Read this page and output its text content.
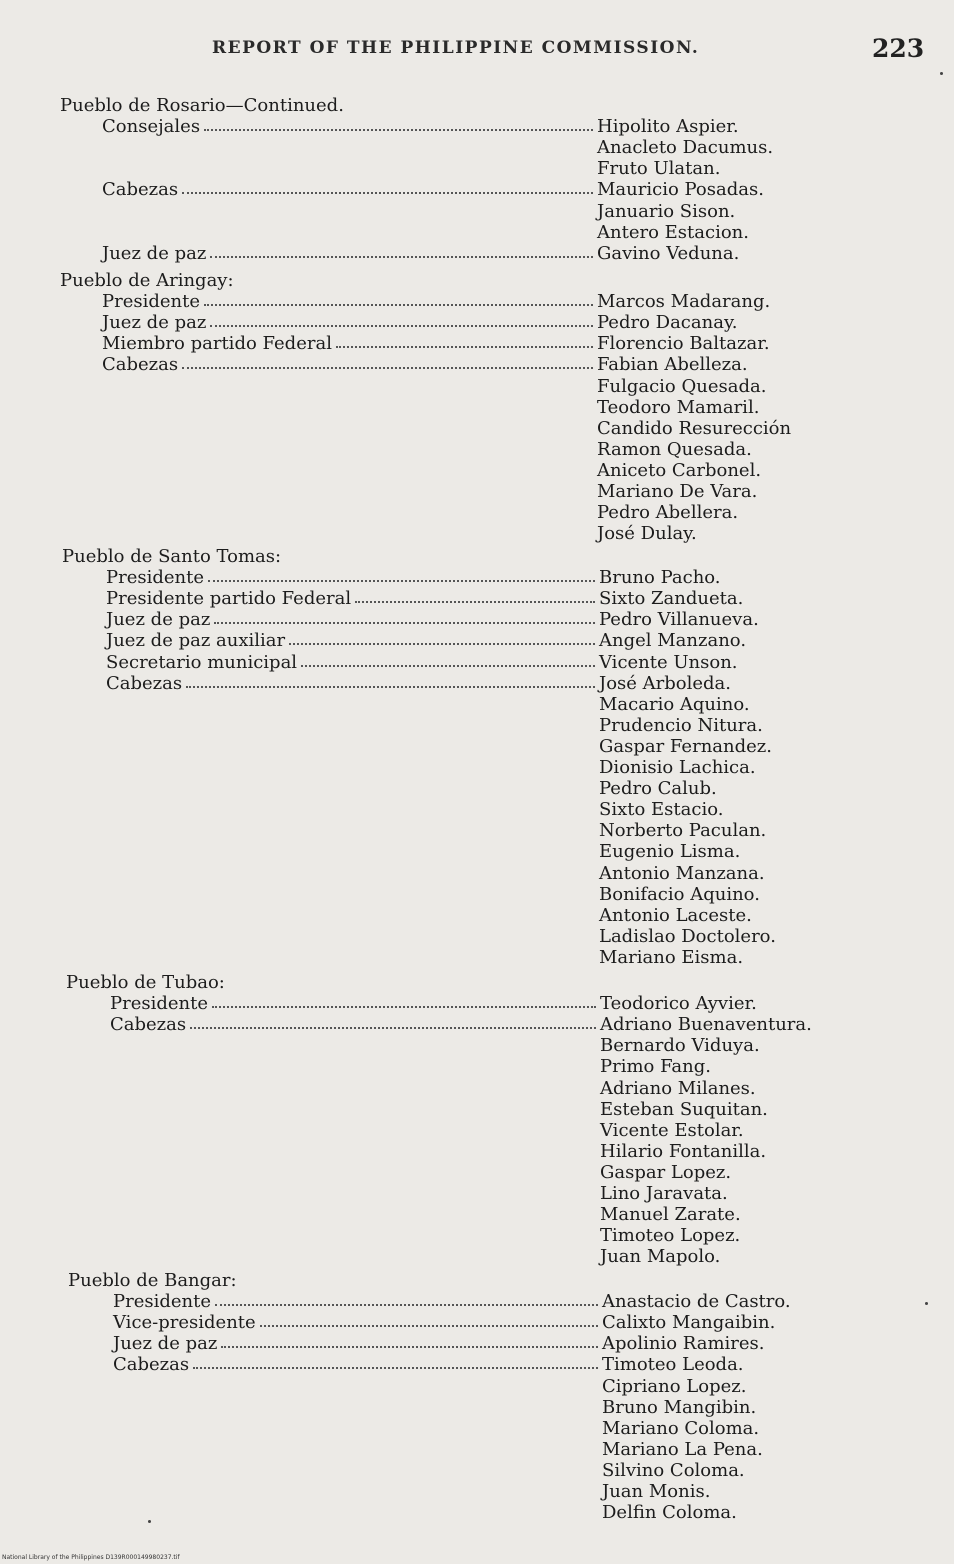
REPORT OF THE PHILIPPINE COMMISSION.	223
Pueblo de Rosario—Continued.
Consejales	Hipolito Aspier.
Anacleto Dacumus.
Fruto Ulatan.
Cabezas	Mauricio Posadas.
Januario Sison.
Antero Estacion.
Juez de paz	Gavino Veduna.
Pueblo de Aringay:
Presidente	Marcos Madarang.
Juez de paz	Pedro Dacanay.
Miembro partido Federal	Florencio Baltazar.
Cabezas	Fabian Abelleza.
Fulgacio Quesada.
Teodoro Mamaril.
Candido Resurección
Ramon Quesada.
Aniceto Carbonel.
Mariano De Vara.
Pedro Abellera.
José Dulay.
Pueblo de Santo Tomas:
Presidente	Bruno Pacho.
Presidente partido Federal	Sixto Zandueta.
Juez de paz	Pedro Villanueva.
Juez de paz auxiliar	Angel Manzano.
Secretario municipal	Vicente Unson.
Cabezas	José Arboleda.
Macario Aquino.
Prudencio Nitura.
Gaspar Fernandez.
Dionisio Lachica.
Pedro Calub.
Sixto Estacio.
Norberto Paculan.
Eugenio Lisma.
Antonio Manzana.
Bonifacio Aquino.
Antonio Laceste.
Ladislao Doctolero.
Mariano Eisma.
Pueblo de Tubao:
Presidente	Teodorico Ayvier.
Cabezas	Adriano Buenaventura.
Bernardo Viduya.
Primo Fang.
Adriano Milanes.
Esteban Suquitan.
Vicente Estolar.
Hilario Fontanilla.
Gaspar Lopez.
Lino Jaravata.
Manuel Zarate.
Timoteo Lopez.
Juan Mapolo.
Pueblo de Bangar:
Presidente	Anastacio de Castro.
Vice-presidente	Calixto Mangaibin.
Juez de paz	Apolinio Ramires.
Cabezas	Timoteo Leoda.
Cipriano Lopez.
Bruno Mangibin.
Mariano Coloma.
Mariano La Pena.
Silvino Coloma.
Juan Monis.
Delfin Coloma.
National Library of the Philippines D139R000149980237.tif
